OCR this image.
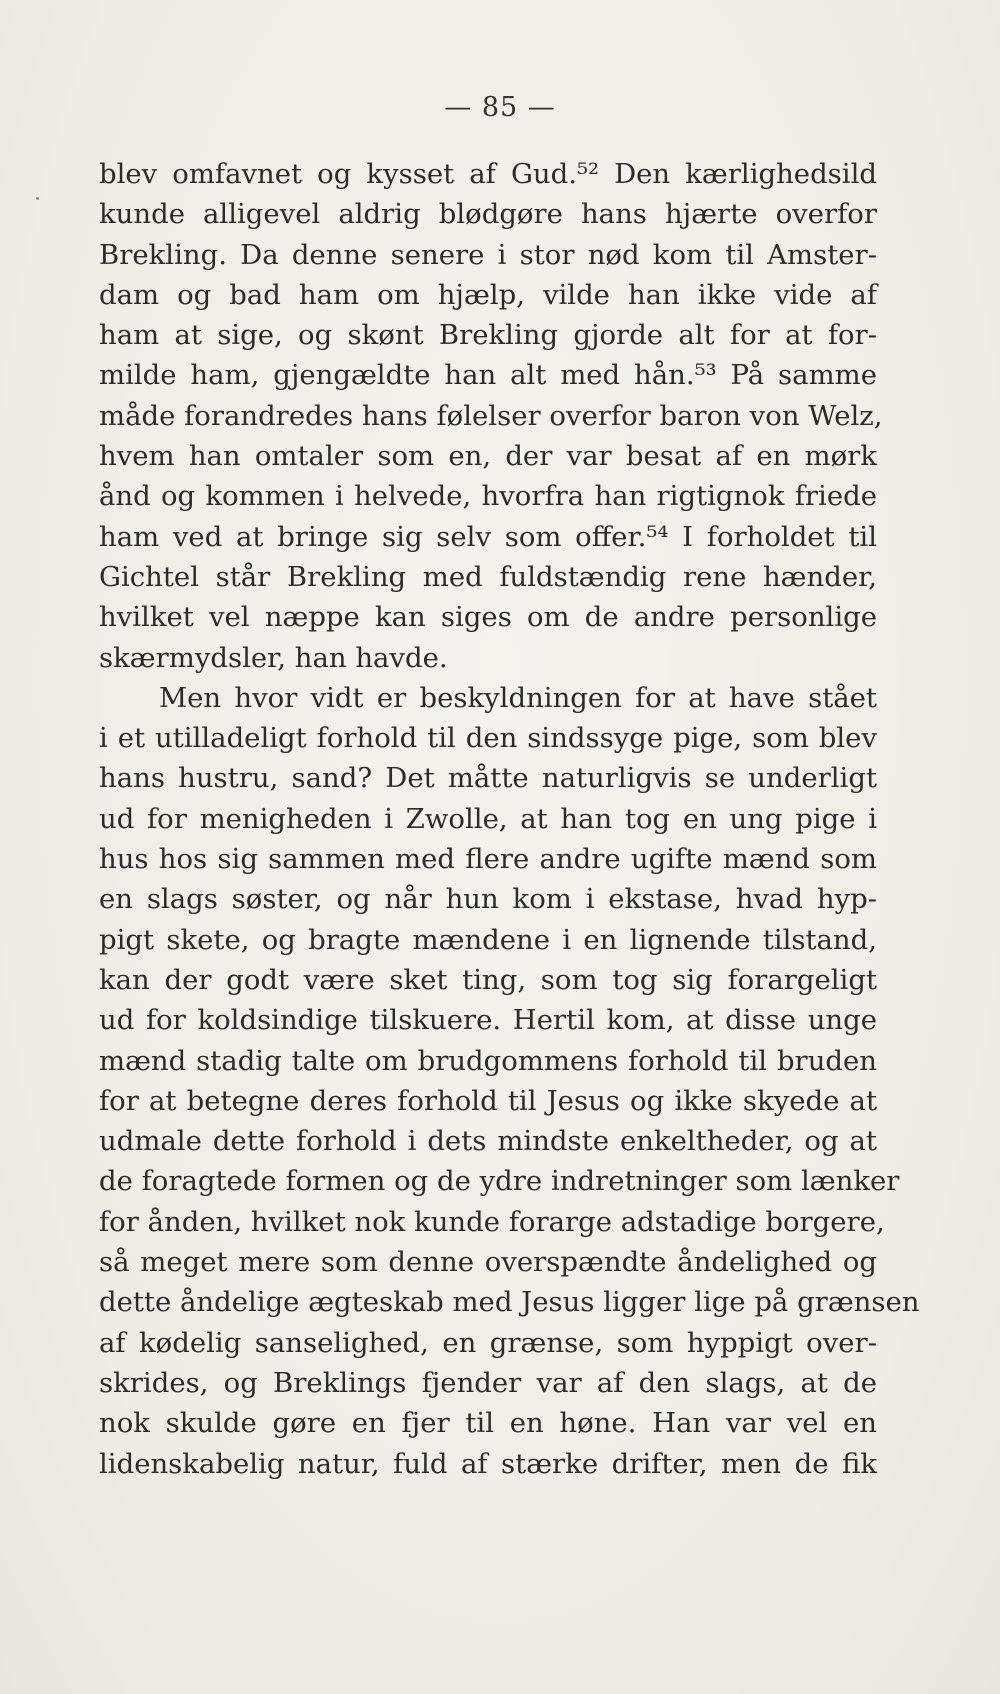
— 85 —
blev omfavnet og kysset af Gud.⁵² Den kærlighedsild
kunde alligevel aldrig blødgøre hans hjærte overfor
Brekling. Da denne senere i stor nød kom til Amster-
dam og bad ham om hjælp, vilde han ikke vide af
ham at sige, og skønt Brekling gjorde alt for at for-
milde ham, gjengældte han alt med hån.⁵³ På samme
måde forandredes hans følelser overfor baron von Welz,
hvem han omtaler som en, der var besat af en mørk
ånd og kommen i helvede, hvorfra han rigtignok friede
ham ved at bringe sig selv som offer.⁵⁴ I forholdet til
Gichtel står Brekling med fuldstændig rene hænder,
hvilket vel næppe kan siges om de andre personlige
skærmydsler, han havde.
Men hvor vidt er beskyldningen for at have stået
i et utilladeligt forhold til den sindssyge pige, som blev
hans hustru, sand? Det måtte naturligvis se underligt
ud for menigheden i Zwolle, at han tog en ung pige i
hus hos sig sammen med flere andre ugifte mænd som
en slags søster, og når hun kom i ekstase, hvad hyp-
pigt skete, og bragte mændene i en lignende tilstand,
kan der godt være sket ting, som tog sig forargeligt
ud for koldsindige tilskuere. Hertil kom, at disse unge
mænd stadig talte om brudgommens forhold til bruden
for at betegne deres forhold til Jesus og ikke skyede at
udmale dette forhold i dets mindste enkeltheder, og at
de foragtede formen og de ydre indretninger som lænker
for ånden, hvilket nok kunde forarge adstadige borgere,
så meget mere som denne overspændte åndelighed og
dette åndelige ægteskab med Jesus ligger lige på grænsen
af kødelig sanselighed, en grænse, som hyppigt over-
skrides, og Breklings fjender var af den slags, at de
nok skulde gøre en fjer til en høne. Han var vel en
lidenskabelig natur, fuld af stærke drifter, men de fik
